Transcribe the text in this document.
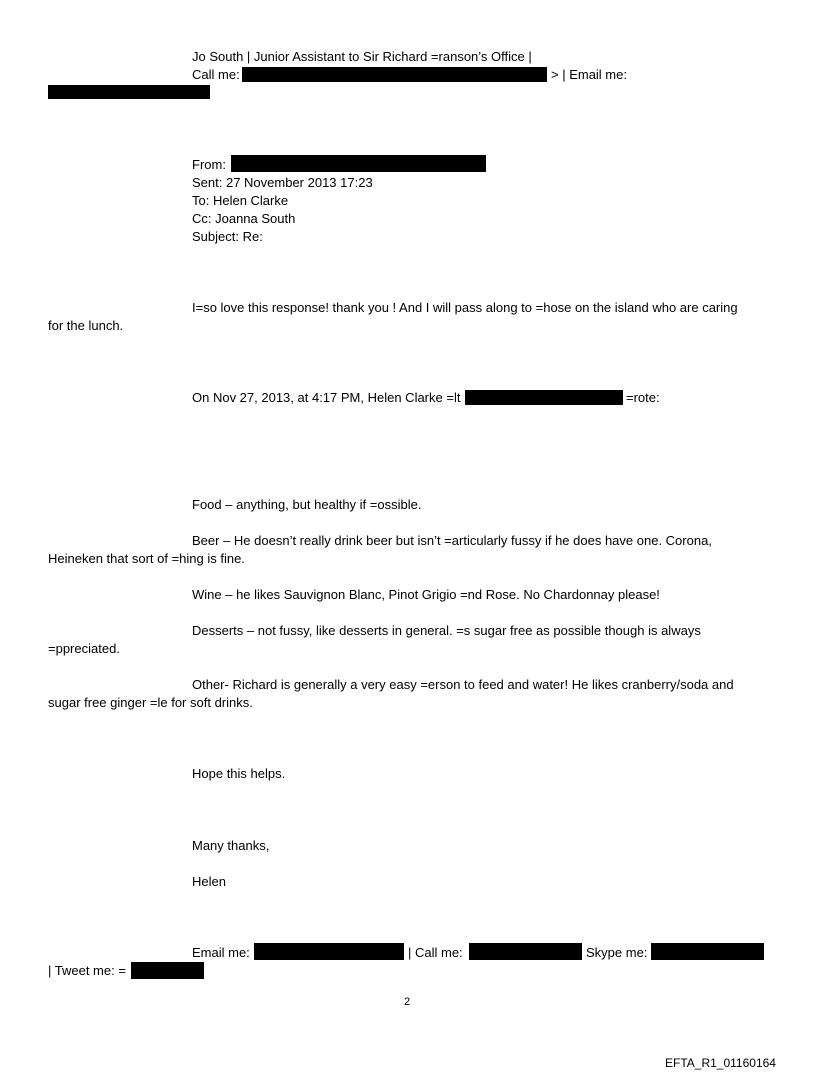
Jo South | Junior Assistant to Sir Richard =ranson’s Office |
Call me:	> | Email me:
From:
Sent: 27 November 2013 17:23
To: Helen Clarke
Cc: Joanna South
Subject: Re:
I=so love this response! thank you ! And I will pass along to =hose on the island who are caring
for the lunch.
On Nov 27, 2013, at 4:17 PM, Helen Clarke =lt	=rote:
Food – anything, but healthy if =ossible.
Beer – He doesn’t really drink beer but isn’t =articularly fussy if he does have one. Corona,
Heineken that sort of =hing is fine.
Wine – he likes Sauvignon Blanc, Pinot Grigio =nd Rose. No Chardonnay please!
Desserts – not fussy, like desserts in general. =s sugar free as possible though is always
=ppreciated.
Other- Richard is generally a very easy =erson to feed and water! He likes cranberry/soda and
sugar free ginger =le for soft drinks.
Hope this helps.
Many thanks,
Helen
Email me:	| Call me:	Skype me:
| Tweet me: =
2
EFTA_R1_01160164
